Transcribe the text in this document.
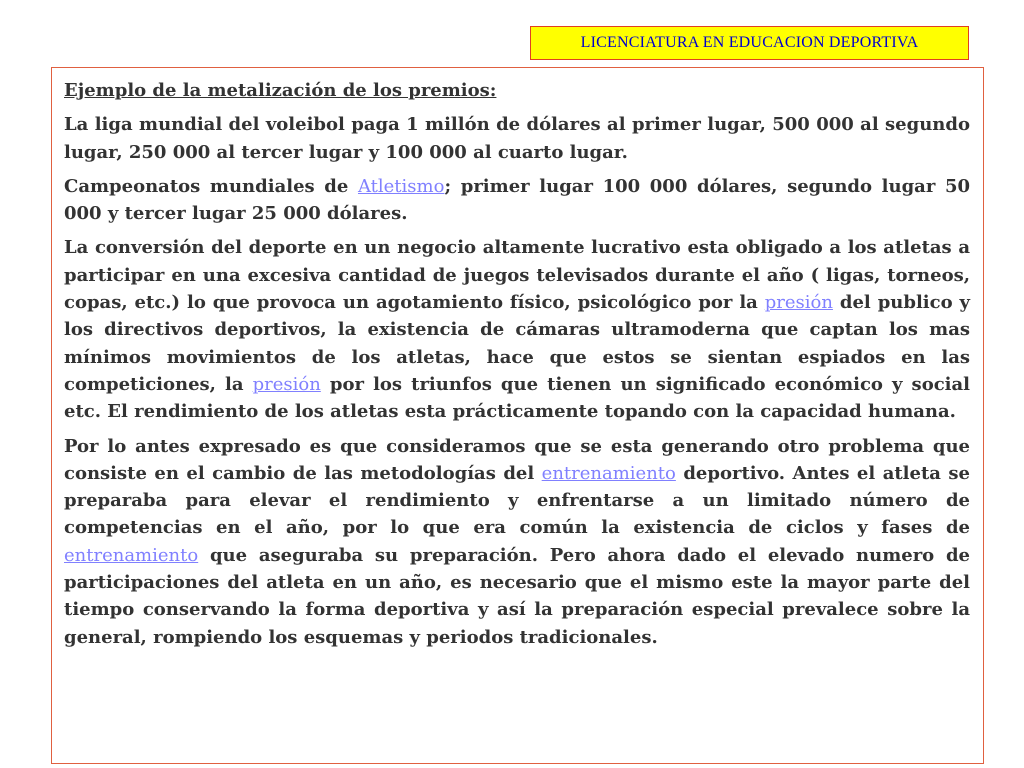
LICENCIATURA EN EDUCACION DEPORTIVA

Ejemplo de la metalización de los premios:

La liga mundial del voleibol paga 1 millón de dólares al primer lugar, 500 000 al segundo lugar, 250 000 al tercer lugar y 100 000 al cuarto lugar.

Campeonatos mundiales de Atletismo; primer lugar 100 000 dólares, segundo lugar 50 000 y tercer lugar 25 000 dólares.

La conversión del deporte en un negocio altamente lucrativo esta obligado a los atletas a participar en una excesiva cantidad de juegos televisados durante el año ( ligas, torneos, copas, etc.) lo que provoca un agotamiento físico, psicológico por la presión del publico y los directivos deportivos, la existencia de cámaras ultramoderna que captan los mas mínimos movimientos de los atletas, hace que estos se sientan espiados en las competiciones, la presión por los triunfos que tienen un significado económico y social etc. El rendimiento de los atletas esta prácticamente topando con la capacidad humana.

Por lo antes expresado es que consideramos que se esta generando otro problema que consiste en el cambio de las metodologías del entrenamiento deportivo. Antes el atleta se preparaba para elevar el rendimiento y enfrentarse a un limitado número de competencias en el año, por lo que era común la existencia de ciclos y fases de entrenamiento que aseguraba su preparación. Pero ahora dado el elevado numero de participaciones del atleta en un año, es necesario que el mismo este la mayor parte del tiempo conservando la forma deportiva y así la preparación especial prevalece sobre la general, rompiendo los esquemas y periodos tradicionales.
